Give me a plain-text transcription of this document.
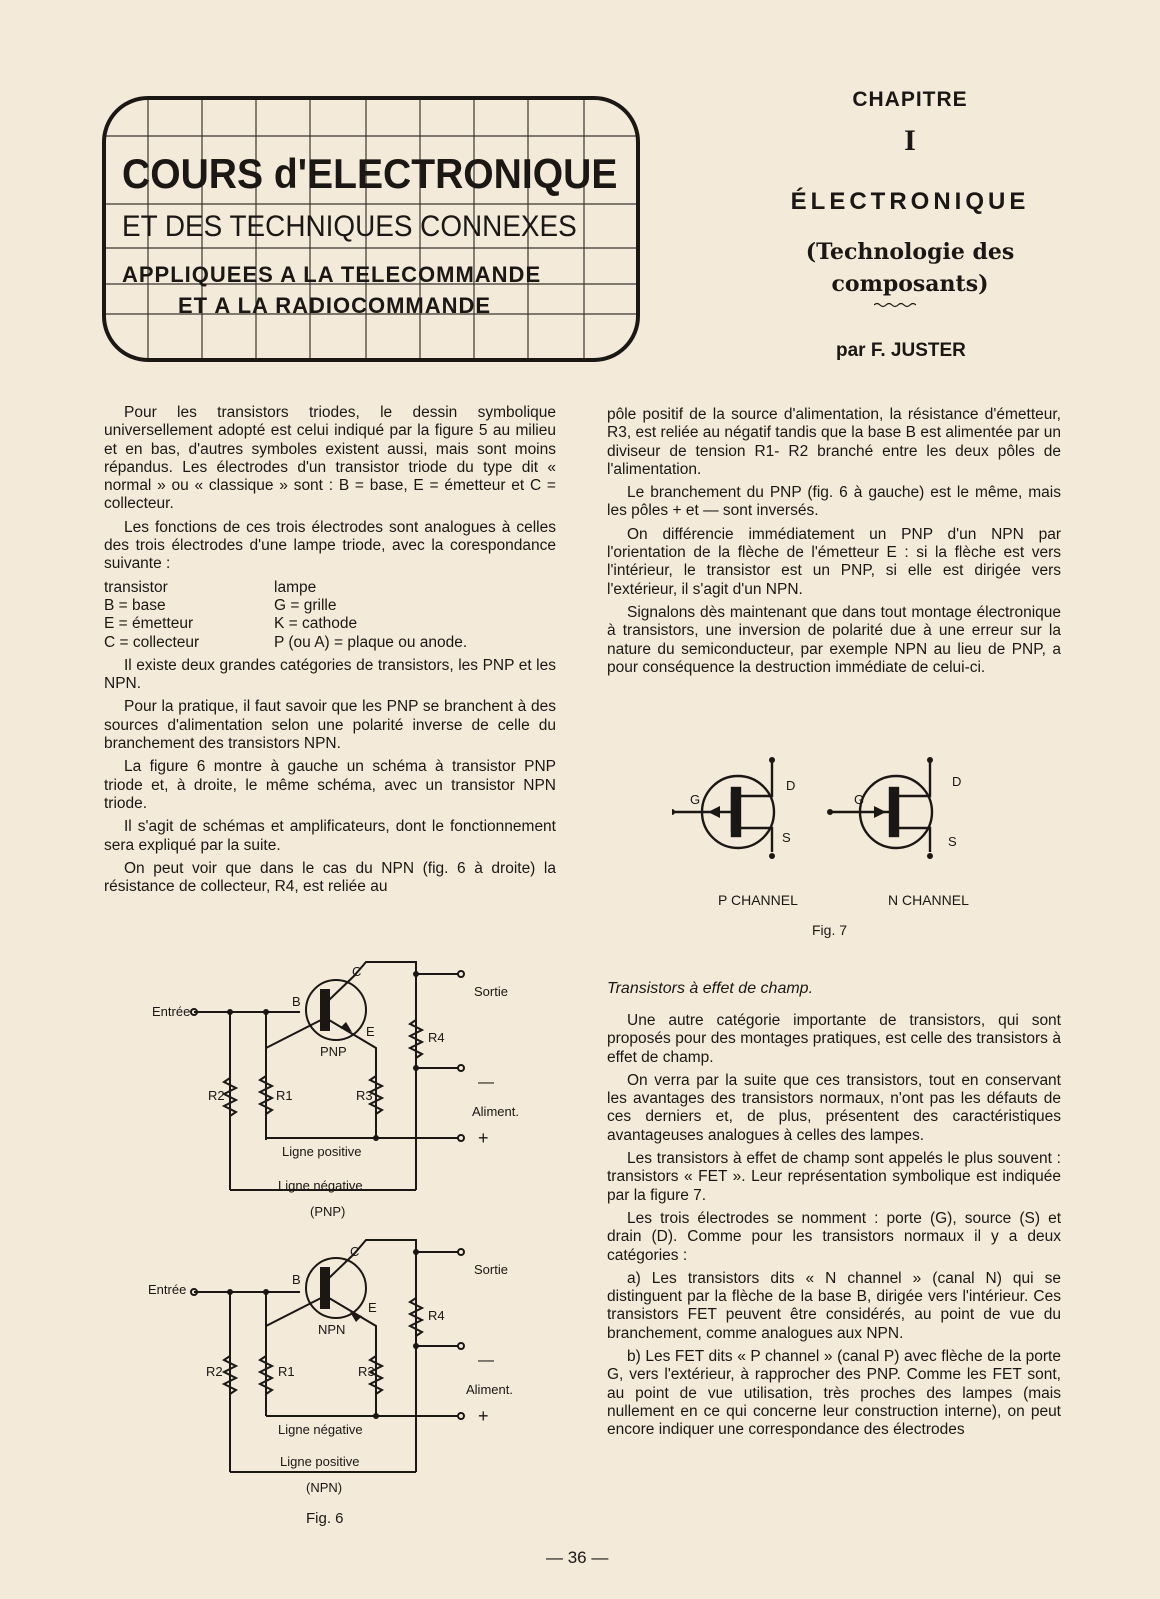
COURS d'ELECTRONIQUE
ET DES TECHNIQUES CONNEXES
APPLIQUEES A LA TELECOMMANDE
ET A LA RADIOCOMMANDE
CHAPITRE
I
ÉLECTRONIQUE
(Technologie des
composants)
par F. JUSTER

Pour les transistors triodes, le dessin symbolique universellement adopté est celui indiqué par la figure 5 au milieu et en bas, d'autres symboles existent aussi, mais sont moins répandus. Les électrodes d'un transistor triode du type dit « normal » ou « classique » sont : B = base, E = émetteur et C = collecteur.

Les fonctions de ces trois électrodes sont analogues à celles des trois électrodes d'une lampe triode, avec la corespondance suivante :

transistor	lampe
B = base	G = grille
E = émetteur	K = cathode
C = collecteur	P (ou A) = plaque ou anode.

Il existe deux grandes catégories de transistors, les PNP et les NPN.

Pour la pratique, il faut savoir que les PNP se branchent à des sources d'alimentation selon une polarité inverse de celle du branchement des transistors NPN.

La figure 6 montre à gauche un schéma à transistor PNP triode et, à droite, le même schéma, avec un transistor NPN triode.

Il s'agit de schémas et amplificateurs, dont le fonctionnement sera expliqué par la suite.

On peut voir que dans le cas du NPN (fig. 6 à droite) la résistance de collecteur, R4, est reliée au

pôle positif de la source d'alimentation, la résistance d'émetteur, R3, est reliée au négatif tandis que la base B est alimentée par un diviseur de tension R1- R2 branché entre les deux pôles de l'alimentation.

Le branchement du PNP (fig. 6 à gauche) est le même, mais les pôles + et — sont inversés.

On différencie immédiatement un PNP d'un NPN par l'orientation de la flèche de l'émetteur E : si la flèche est vers l'intérieur, le transistor est un PNP, si elle est dirigée vers l'extérieur, il s'agit d'un NPN.

Signalons dès maintenant que dans tout montage électronique à transistors, une inversion de polarité due à une erreur sur la nature du semiconducteur, par exemple NPN au lieu de PNP, a pour conséquence la destruction immédiate de celui-ci.

G
D
S
G
D
S
P CHANNEL	N CHANNEL
Fig. 7
Transistors à effet de champ.

Une autre catégorie importante de transistors, qui sont proposés pour des montages pratiques, est celle des transistors à effet de champ.

On verra par la suite que ces transistors, tout en conservant les avantages des transistors normaux, n'ont pas les défauts de ces derniers et, de plus, présentent des caractéristiques avantageuses analogues à celles des lampes.

Les transistors à effet de champ sont appelés le plus souvent : transistors « FET ». Leur représentation symbolique est indiquée par la figure 7.

Les trois électrodes se nomment : porte (G), source (S) et drain (D). Comme pour les transistors normaux il y a deux catégories :

a) Les transistors dits « N channel » (canal N) qui se distinguent par la flèche de la base B, dirigée vers l'intérieur. Ces transistors FET peuvent être considérés, au point de vue du branchement, comme analogues aux NPN.

b) Les FET dits « P channel » (canal P) avec flèche de la porte G, vers l'extérieur, à rapprocher des PNP. Comme les FET sont, au point de vue utilisation, très proches des lampes (mais nullement en ce qui concerne leur construction interne), on peut encore indiquer une correspondance des électrodes

Entrée
Sortie
B
C
E
PNP
R4
R2	R1	R3
—
Aliment.
+
Ligne positive
Ligne négative
(PNP)
Entrée
Sortie
B
C
E
NPN
R4
R2	R1	R3
—
Aliment.
+
Ligne négative
Ligne positive
(NPN)
Fig. 6
— 36 —
